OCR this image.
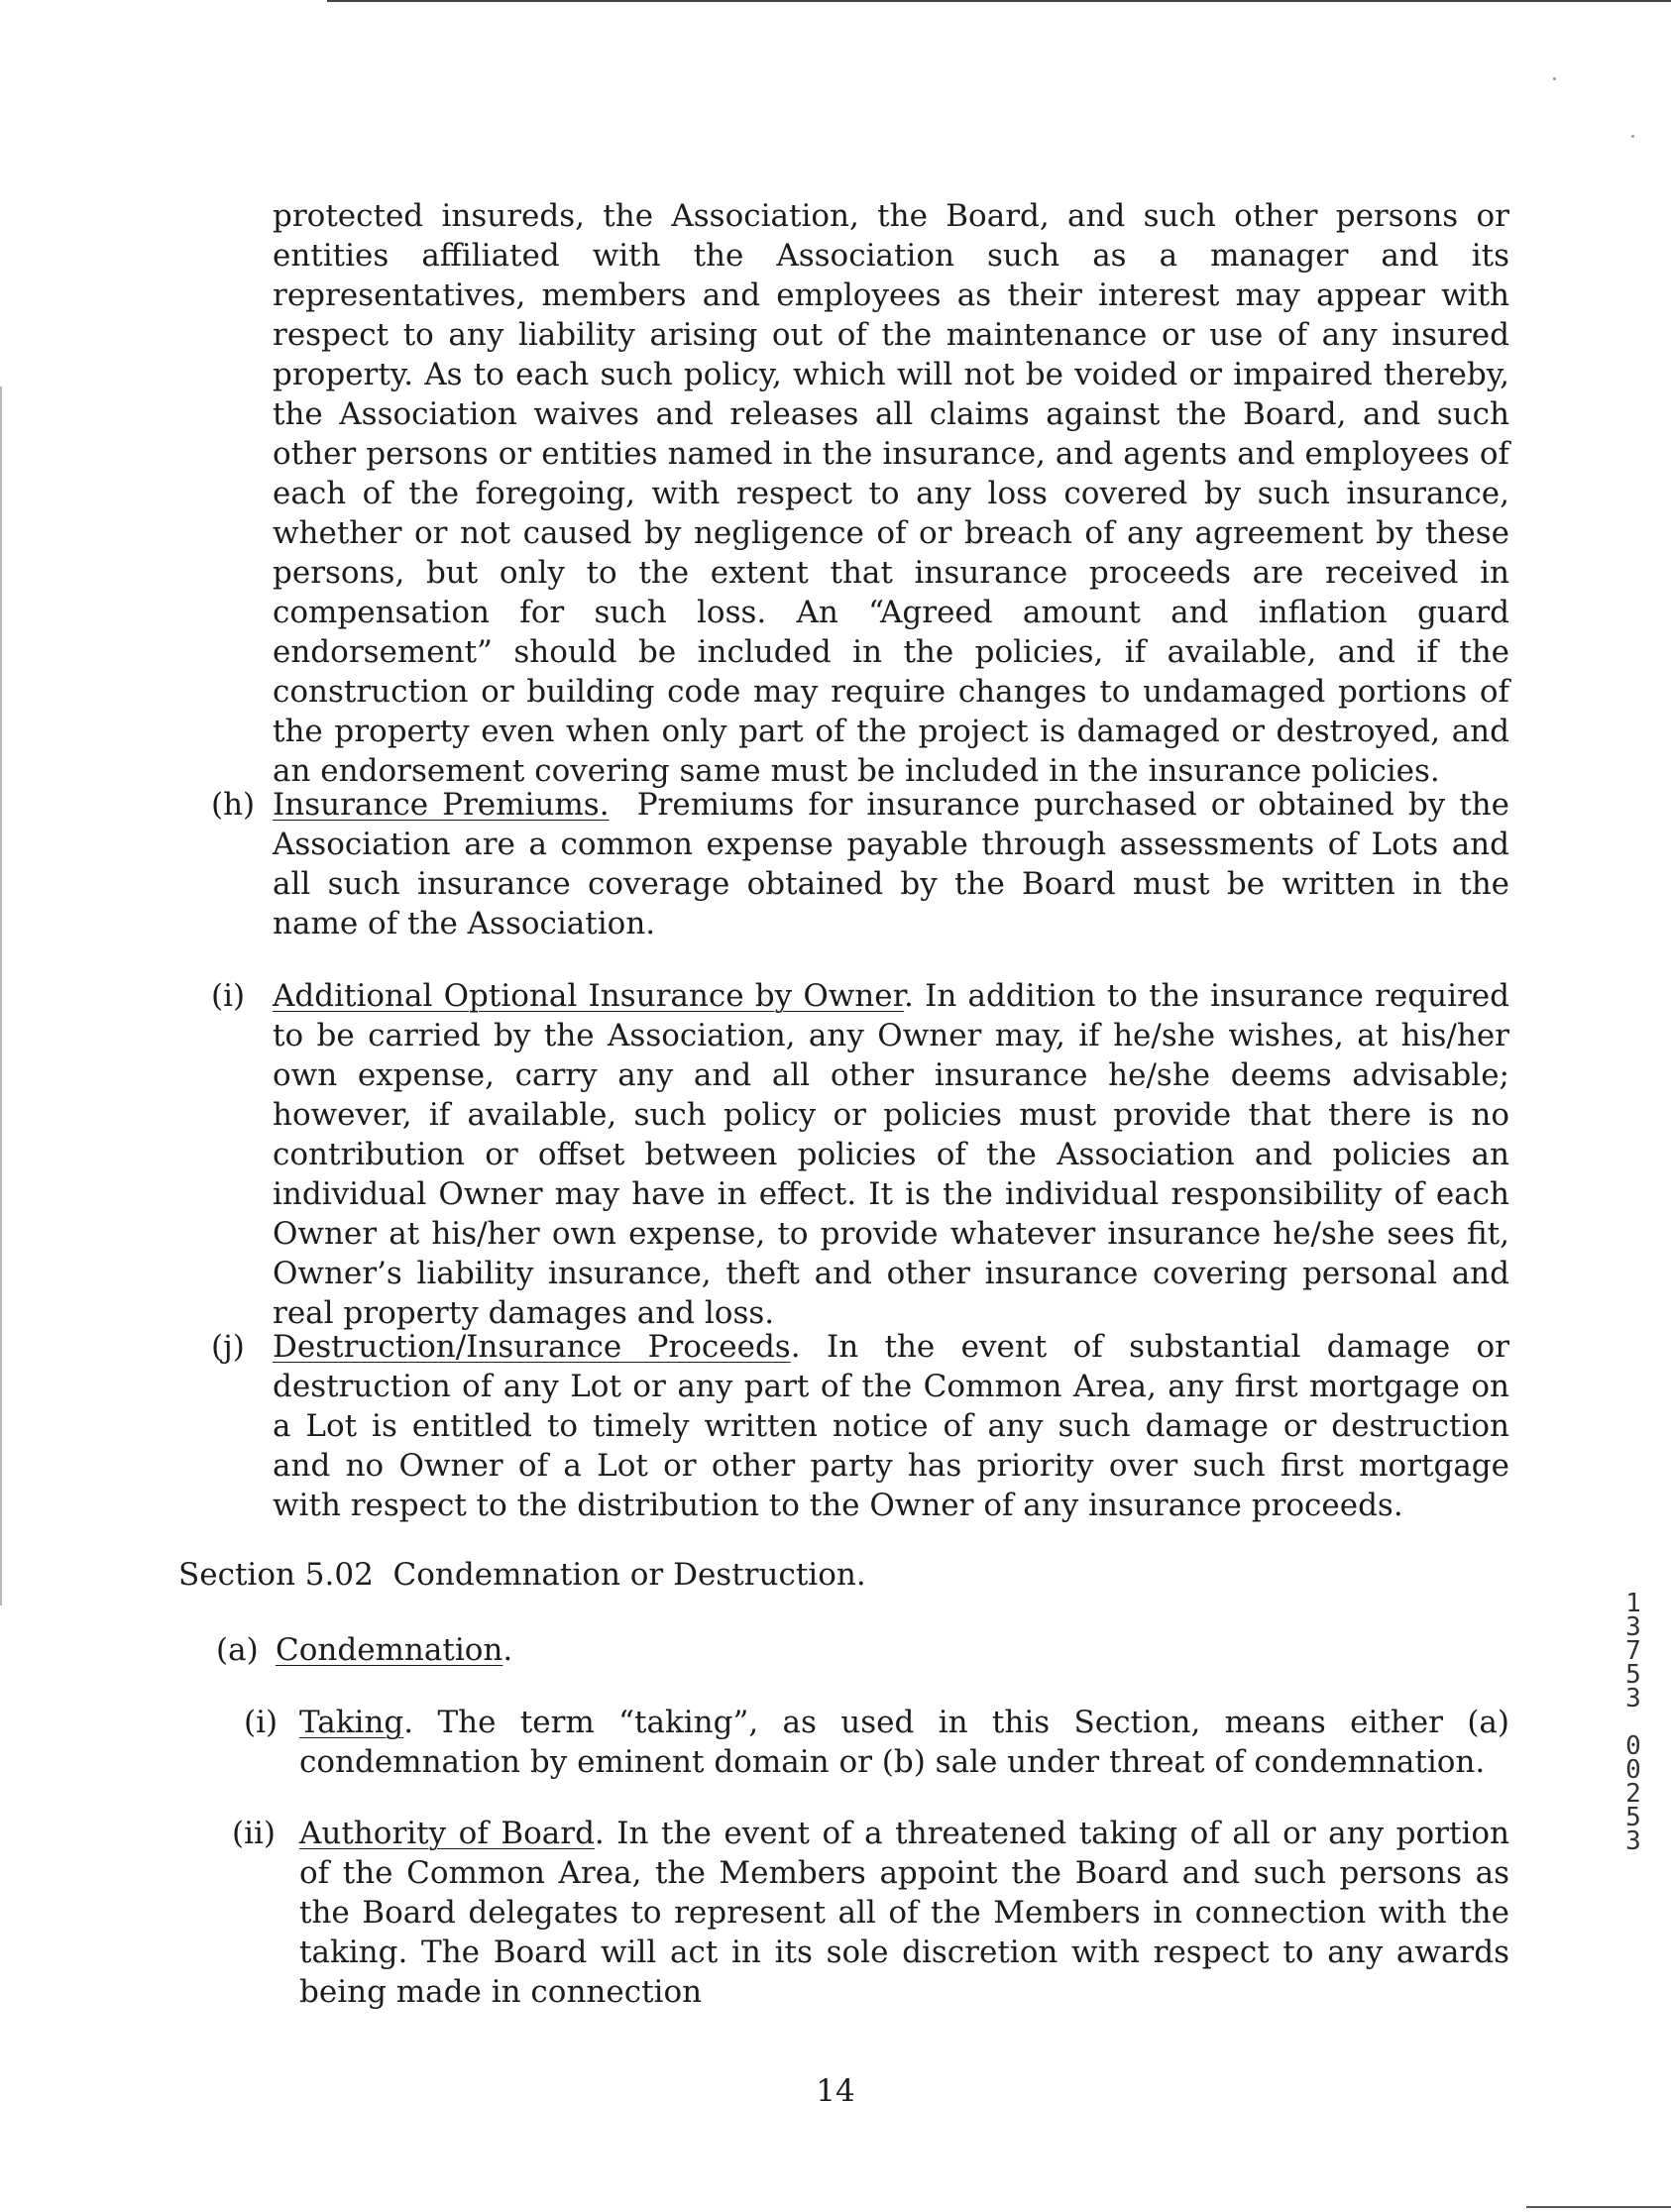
protected insureds, the Association, the Board, and such other persons or entities affiliated with the Association such as a manager and its representatives, members and employees as their interest may appear with respect to any liability arising out of the maintenance or use of any insured property. As to each such policy, which will not be voided or impaired thereby, the Association waives and releases all claims against the Board, and such other persons or entities named in the insurance, and agents and employees of each of the foregoing, with respect to any loss covered by such insurance, whether or not caused by negligence of or breach of any agreement by these persons, but only to the extent that insurance proceeds are received in compensation for such loss. An “Agreed amount and inflation guard endorsement” should be included in the policies, if available, and if the construction or building code may require changes to undamaged portions of the property even when only part of the project is damaged or destroyed, and an endorsement covering same must be included in the insurance policies.

(h) Insurance Premiums. Premiums for insurance purchased or obtained by the Association are a common expense payable through assessments of Lots and all such insurance coverage obtained by the Board must be written in the name of the Association.

(i) Additional Optional Insurance by Owner. In addition to the insurance required to be carried by the Association, any Owner may, if he/she wishes, at his/her own expense, carry any and all other insurance he/she deems advisable; however, if available, such policy or policies must provide that there is no contribution or offset between policies of the Association and policies an individual Owner may have in effect. It is the individual responsibility of each Owner at his/her own expense, to provide whatever insurance he/she sees fit, Owner’s liability insurance, theft and other insurance covering personal and real property damages and loss.

(j) Destruction/Insurance Proceeds. In the event of substantial damage or destruction of any Lot or any part of the Common Area, any first mortgage on a Lot is entitled to timely written notice of any such damage or destruction and no Owner of a Lot or other party has priority over such first mortgage with respect to the distribution to the Owner of any insurance proceeds.

Section 5.02  Condemnation or Destruction.
(a) Condemnation.
(i) Taking. The term “taking”, as used in this Section, means either (a) condemnation by eminent domain or (b) sale under threat of condemnation.

(ii) Authority of Board. In the event of a threatened taking of all or any portion of the Common Area, the Members appoint the Board and such persons as the Board delegates to represent all of the Members in connection with the taking. The Board will act in its sole discretion with respect to any awards being made in connection

14
1
3
7
5
3
0
0
2
5
3
